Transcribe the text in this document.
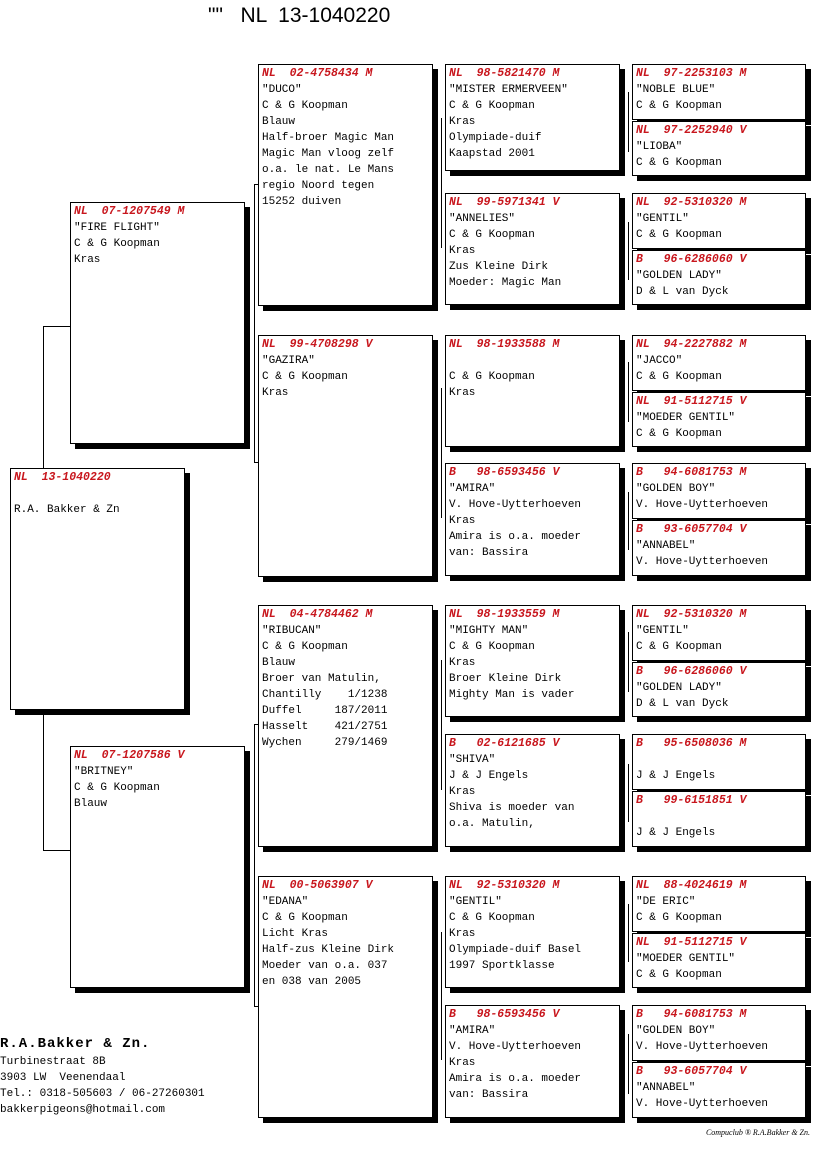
"" NL  13-1040220
NL  13-1040220
R.A. Bakker & Zn
NL  07-1207549 M
"FIRE FLIGHT"
C & G Koopman
Kras
NL  07-1207586 V
"BRITNEY"
C & G Koopman
Blauw
NL  02-4758434 M
"DUCO"
C & G Koopman
Blauw
Half-broer Magic Man
Magic Man vloog zelf
o.a. le nat. Le Mans
regio Noord tegen
15252 duiven
NL  99-4708298 V
"GAZIRA"
C & G Koopman
Kras
NL  04-4784462 M
"RIBUCAN"
C & G Koopman
Blauw
Broer van Matulin,
Chantilly    1/1238
Duffel     187/2011
Hasselt    421/2751
Wychen     279/1469
NL  00-5063907 V
"EDANA"
C & G Koopman
Licht Kras
Half-zus Kleine Dirk
Moeder van o.a. 037
en 038 van 2005
NL  98-5821470 M
"MISTER ERMERVEEN"
C & G Koopman
Kras
Olympiade-duif
Kaapstad 2001
NL  99-5971341 V
"ANNELIES"
C & G Koopman
Kras
Zus Kleine Dirk
Moeder: Magic Man
NL  98-1933588 M
C & G Koopman
Kras
B   98-6593456 V
"AMIRA"
V. Hove-Uytterhoeven
Kras
Amira is o.a. moeder
van: Bassira
NL  98-1933559 M
"MIGHTY MAN"
C & G Koopman
Kras
Broer Kleine Dirk
Mighty Man is vader
B   02-6121685 V
"SHIVA"
J & J Engels
Kras
Shiva is moeder van
o.a. Matulin,
NL  92-5310320 M
"GENTIL"
C & G Koopman
Kras
Olympiade-duif Basel
1997 Sportklasse
B   98-6593456 V
"AMIRA"
V. Hove-Uytterhoeven
Kras
Amira is o.a. moeder
van: Bassira
NL  97-2253103 M
"NOBLE BLUE"
C & G Koopman
NL  97-2252940 V
"LIOBA"
C & G Koopman
NL  92-5310320 M
"GENTIL"
C & G Koopman
B   96-6286060 V
"GOLDEN LADY"
D & L van Dyck
NL  94-2227882 M
"JACCO"
C & G Koopman
NL  91-5112715 V
"MOEDER GENTIL"
C & G Koopman
B   94-6081753 M
"GOLDEN BOY"
V. Hove-Uytterhoeven
B   93-6057704 V
"ANNABEL"
V. Hove-Uytterhoeven
NL  92-5310320 M
"GENTIL"
C & G Koopman
B   96-6286060 V
"GOLDEN LADY"
D & L van Dyck
B   95-6508036 M
J & J Engels
B   99-6151851 V
J & J Engels
NL  88-4024619 M
"DE ERIC"
C & G Koopman
NL  91-5112715 V
"MOEDER GENTIL"
C & G Koopman
B   94-6081753 M
"GOLDEN BOY"
V. Hove-Uytterhoeven
B   93-6057704 V
"ANNABEL"
V. Hove-Uytterhoeven
R.A.Bakker & Zn.
Turbinestraat 8B
3903 LW  Veenendaal
Tel.: 0318-505603 / 06-27260301
bakkerpigeons@hotmail.com
Compuclub ® R.A.Bakker & Zn.
